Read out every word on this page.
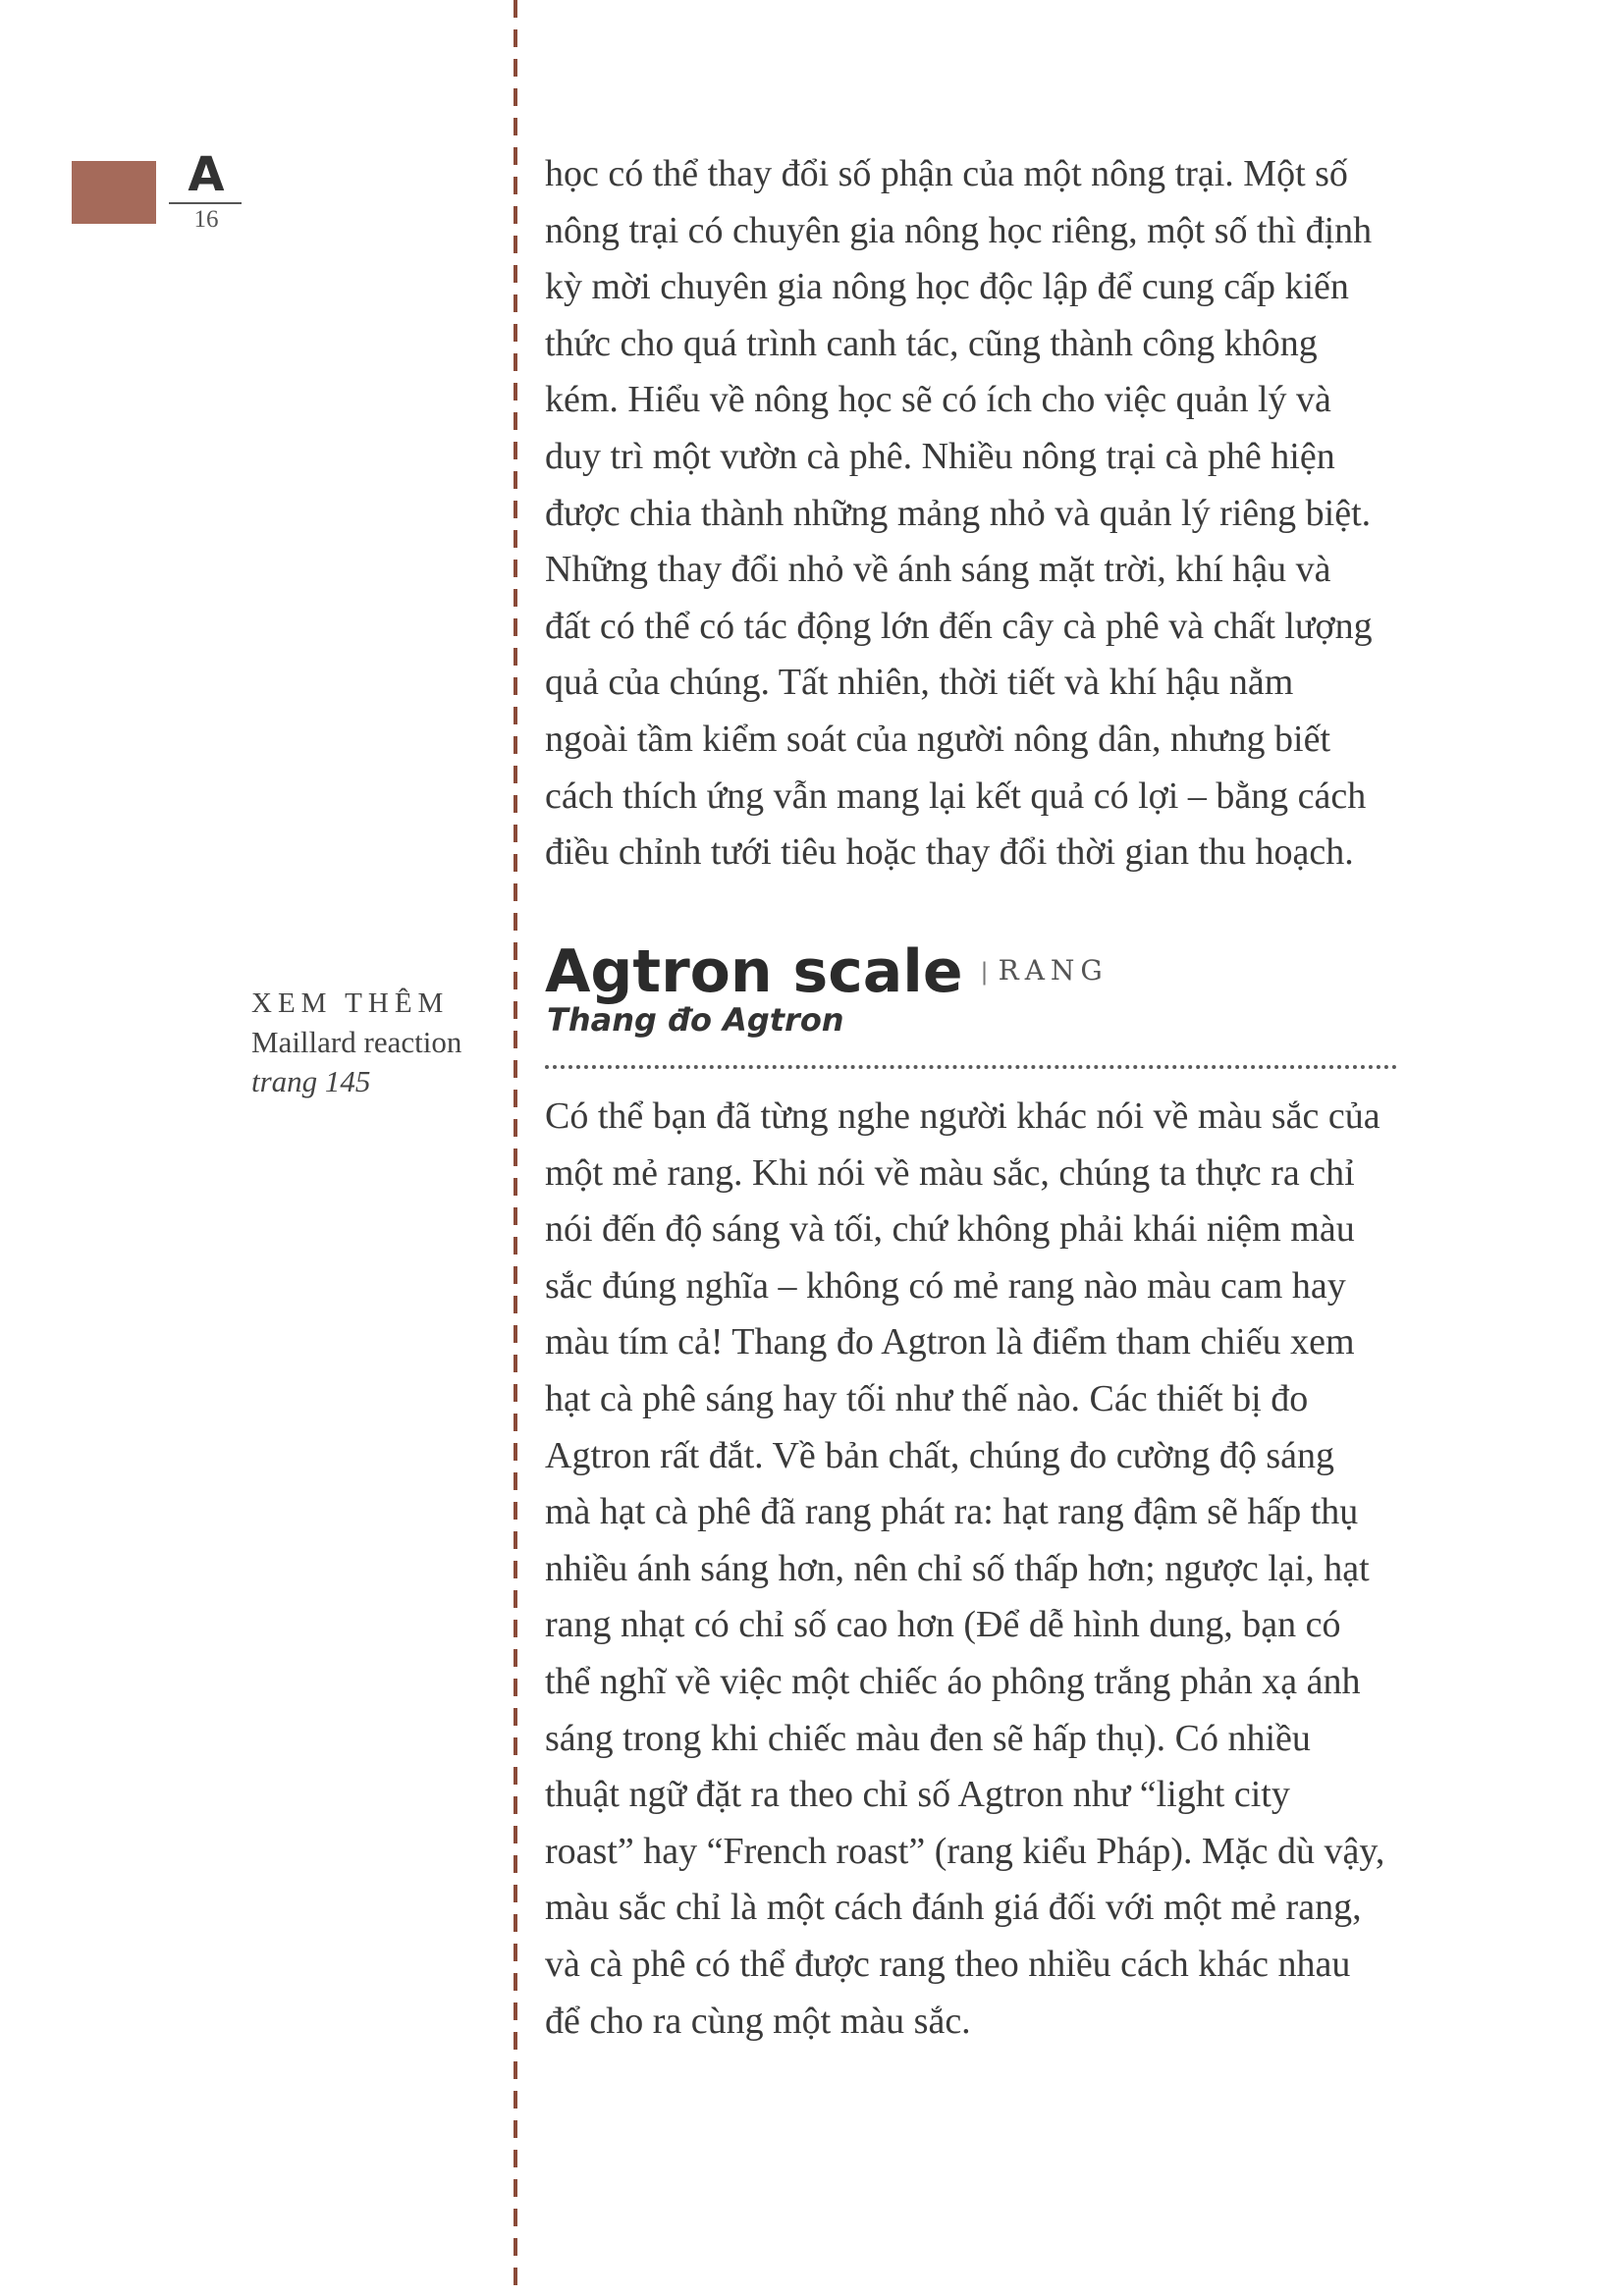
A
16
học có thể thay đổi số phận của một nông trại. Một số
nông trại có chuyên gia nông học riêng, một số thì định
kỳ mời chuyên gia nông học độc lập để cung cấp kiến
thức cho quá trình canh tác, cũng thành công không
kém. Hiểu về nông học sẽ có ích cho việc quản lý và
duy trì một vườn cà phê. Nhiều nông trại cà phê hiện
được chia thành những mảng nhỏ và quản lý riêng biệt.
Những thay đổi nhỏ về ánh sáng mặt trời, khí hậu và
đất có thể có tác động lớn đến cây cà phê và chất lượng
quả của chúng. Tất nhiên, thời tiết và khí hậu nằm
ngoài tầm kiểm soát của người nông dân, nhưng biết
cách thích ứng vẫn mang lại kết quả có lợi – bằng cách
điều chỉnh tưới tiêu hoặc thay đổi thời gian thu hoạch.
XEM THÊM
Maillard reaction
trang 145
Agtron scale | RANG
Thang đo Agtron
Có thể bạn đã từng nghe người khác nói về màu sắc của
một mẻ rang. Khi nói về màu sắc, chúng ta thực ra chỉ
nói đến độ sáng và tối, chứ không phải khái niệm màu
sắc đúng nghĩa – không có mẻ rang nào màu cam hay
màu tím cả! Thang đo Agtron là điểm tham chiếu xem
hạt cà phê sáng hay tối như thế nào. Các thiết bị đo
Agtron rất đắt. Về bản chất, chúng đo cường độ sáng
mà hạt cà phê đã rang phát ra: hạt rang đậm sẽ hấp thụ
nhiều ánh sáng hơn, nên chỉ số thấp hơn; ngược lại, hạt
rang nhạt có chỉ số cao hơn (Để dễ hình dung, bạn có
thể nghĩ về việc một chiếc áo phông trắng phản xạ ánh
sáng trong khi chiếc màu đen sẽ hấp thụ). Có nhiều
thuật ngữ đặt ra theo chỉ số Agtron như “light city
roast” hay “French roast” (rang kiểu Pháp). Mặc dù vậy,
màu sắc chỉ là một cách đánh giá đối với một mẻ rang,
và cà phê có thể được rang theo nhiều cách khác nhau
để cho ra cùng một màu sắc.
